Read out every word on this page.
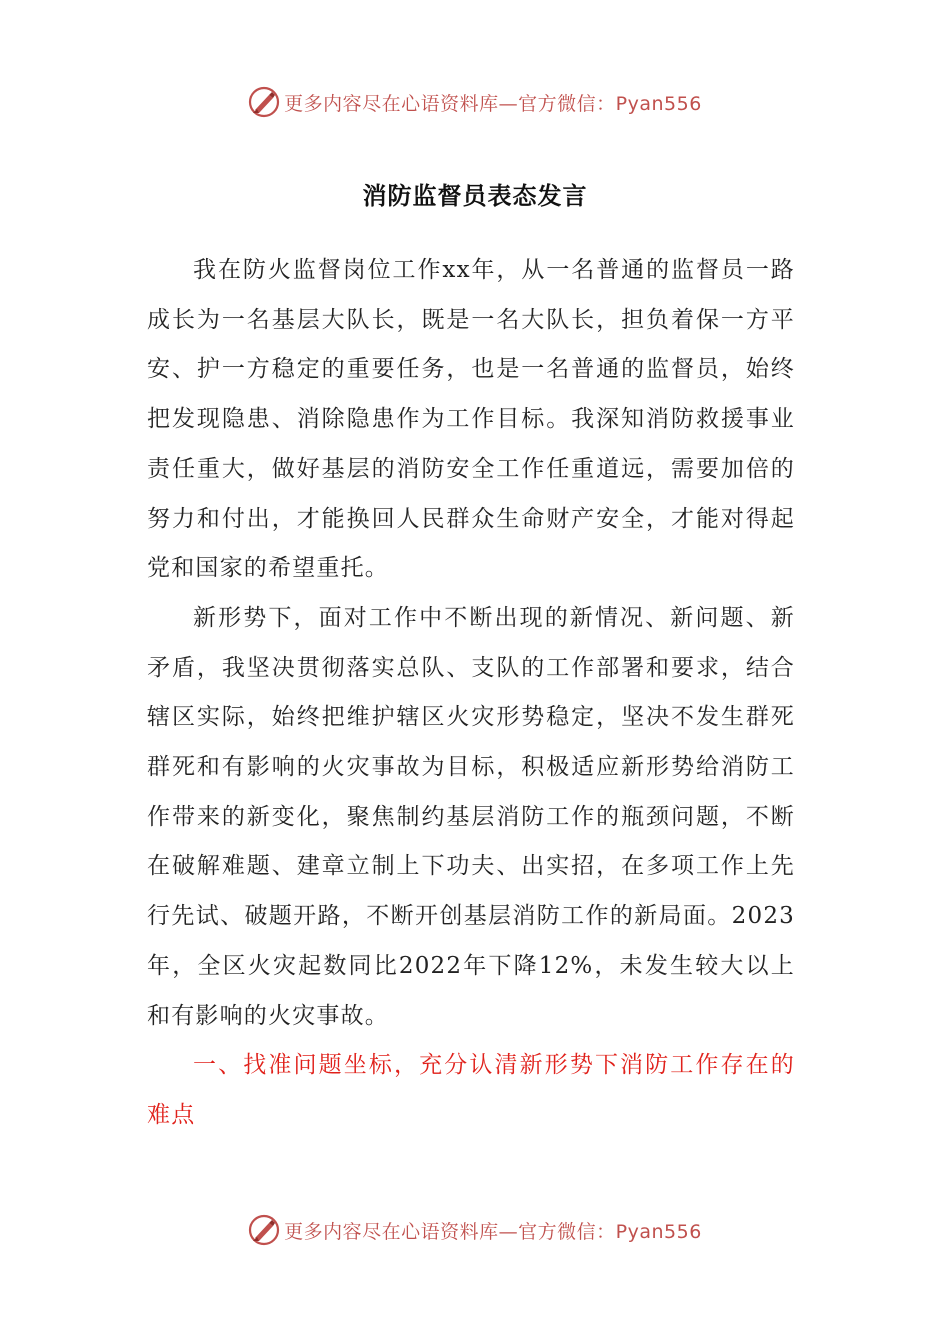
更多内容尽在心语资料库—官方微信：Pyan556
消防监督员表态发言

我在防火监督岗位工作xx年，从一名普通的监督员一路成长为一名基层大队长，既是一名大队长，担负着保一方平安、护一方稳定的重要任务，也是一名普通的监督员，始终把发现隐患、消除隐患作为工作目标。我深知消防救援事业责任重大，做好基层的消防安全工作任重道远，需要加倍的努力和付出，才能换回人民群众生命财产安全，才能对得起党和国家的希望重托。

新形势下，面对工作中不断出现的新情况、新问题、新矛盾，我坚决贯彻落实总队、支队的工作部署和要求，结合辖区实际，始终把维护辖区火灾形势稳定，坚决不发生群死群死和有影响的火灾事故为目标，积极适应新形势给消防工作带来的新变化，聚焦制约基层消防工作的瓶颈问题，不断在破解难题、建章立制上下功夫、出实招，在多项工作上先行先试、破题开路，不断开创基层消防工作的新局面。2023年，全区火灾起数同比2022年下降12%，未发生较大以上和有影响的火灾事故。

一、找准问题坐标，充分认清新形势下消防工作存在的难点

更多内容尽在心语资料库—官方微信：Pyan556
